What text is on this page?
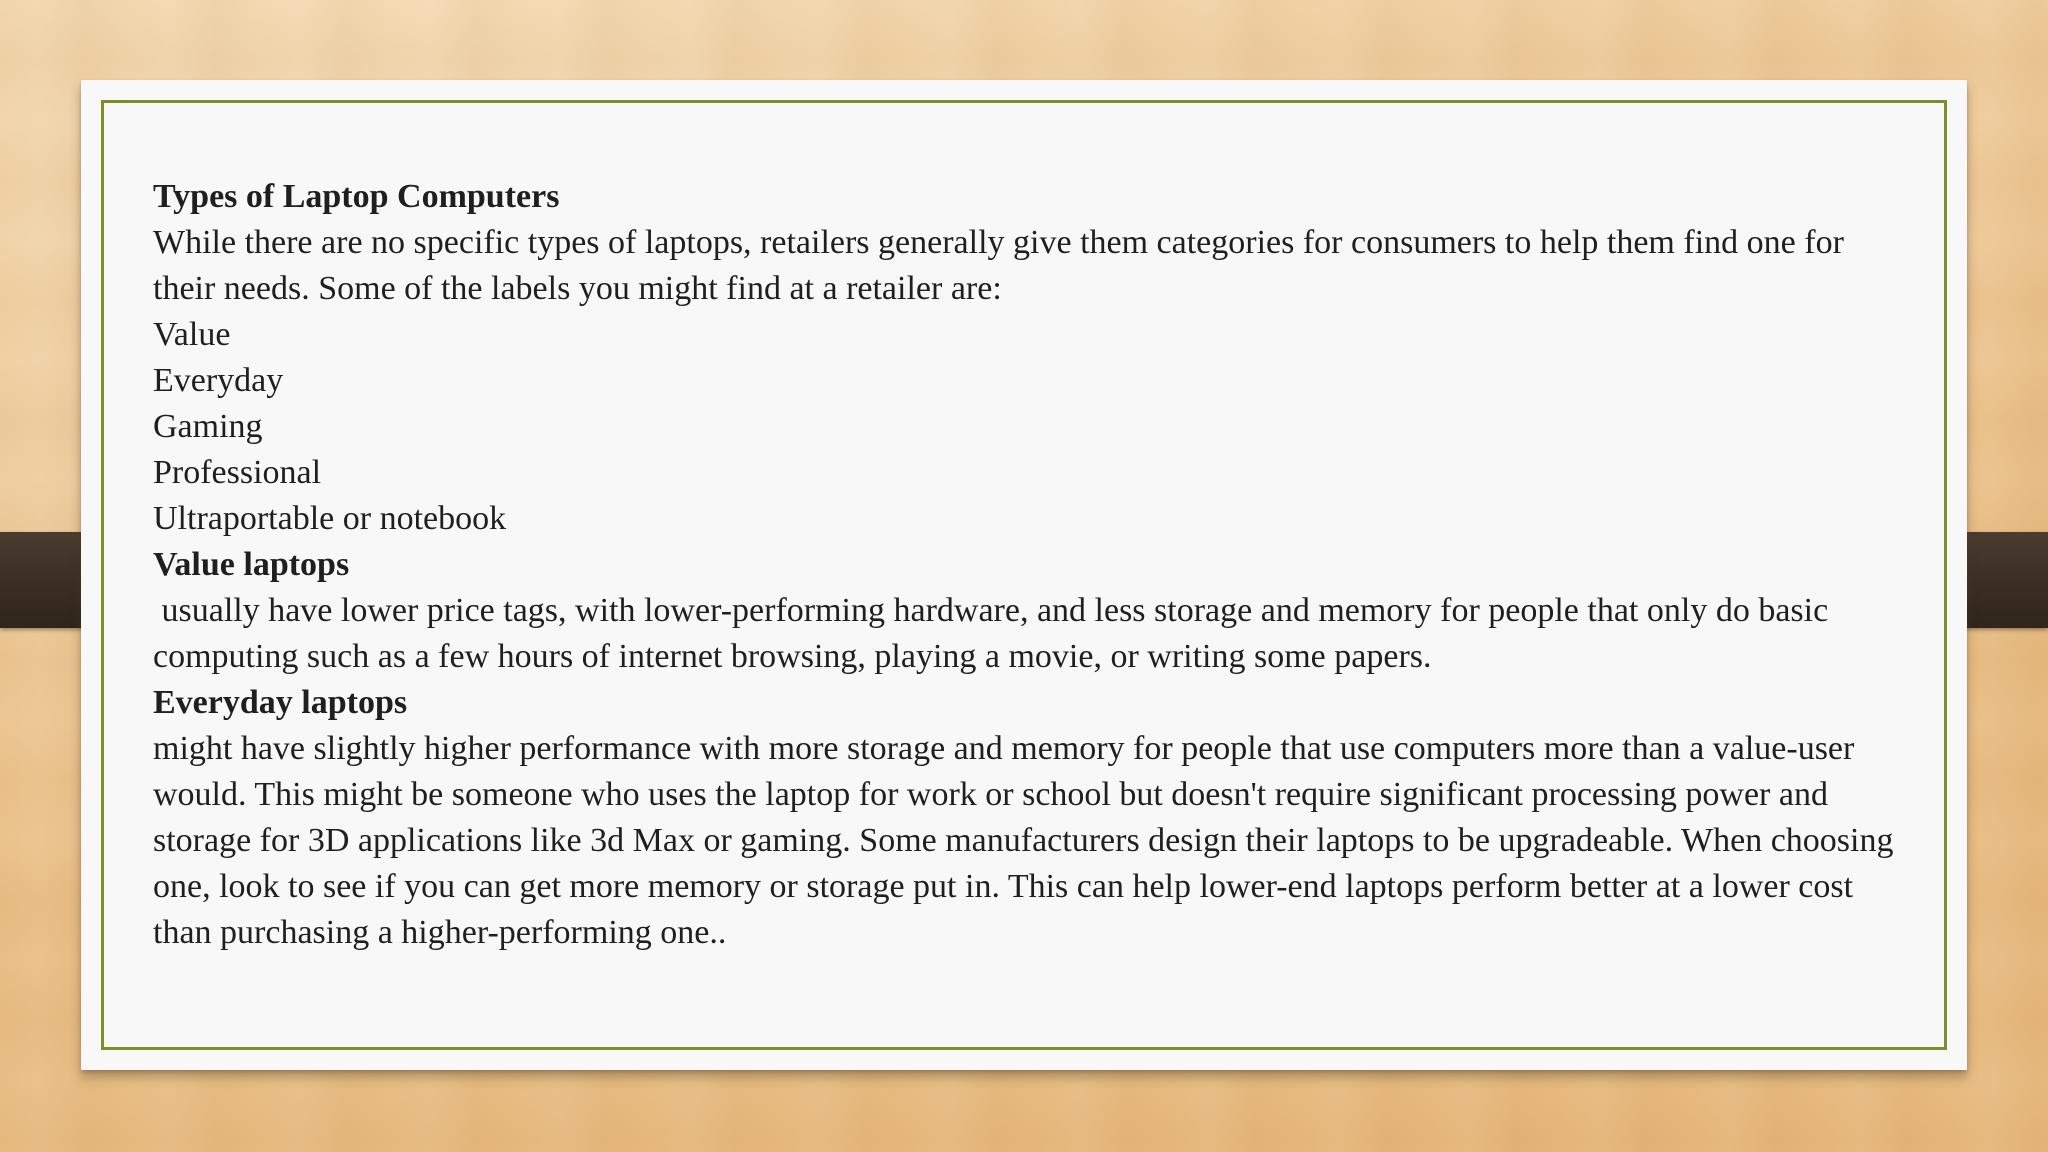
Types of Laptop Computers

While there are no specific types of laptops, retailers generally give them categories for consumers to help them find one for their needs. Some of the labels you might find at a retailer are:

Value

Everyday

Gaming

Professional

Ultraportable or notebook

Value laptops

usually have lower price tags, with lower-performing hardware, and less storage and memory for people that only do basic computing such as a few hours of internet browsing, playing a movie, or writing some papers.

Everyday laptops

might have slightly higher performance with more storage and memory for people that use computers more than a value-user would. This might be someone who uses the laptop for work or school but doesn't require significant processing power and storage for 3D applications like 3d Max or gaming. Some manufacturers design their laptops to be upgradeable. When choosing one, look to see if you can get more memory or storage put in. This can help lower-end laptops perform better at a lower cost than purchasing a higher-performing one..
